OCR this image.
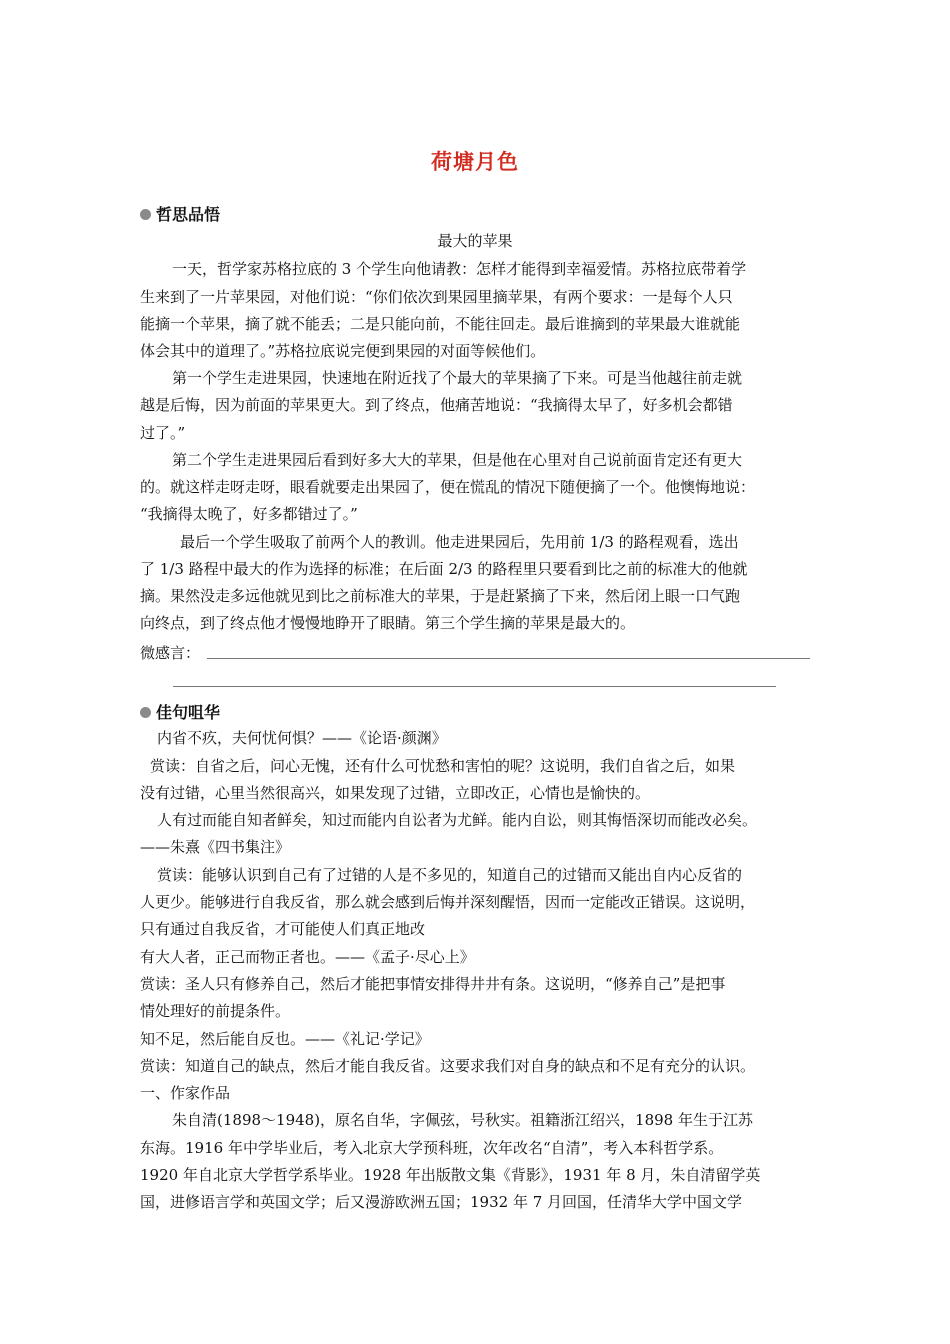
荷塘月色
哲思品悟
最大的苹果
一天，哲学家苏格拉底的 3 个学生向他请教：怎样才能得到幸福爱情。苏格拉底带着学
生来到了一片苹果园，对他们说：“你们依次到果园里摘苹果，有两个要求：一是每个人只
能摘一个苹果，摘了就不能丢；二是只能向前，不能往回走。最后谁摘到的苹果最大谁就能
体会其中的道理了。”苏格拉底说完便到果园的对面等候他们。
第一个学生走进果园，快速地在附近找了个最大的苹果摘了下来。可是当他越往前走就
越是后悔，因为前面的苹果更大。到了终点，他痛苦地说：“我摘得太早了，好多机会都错
过了。”
第二个学生走进果园后看到好多大大的苹果，但是他在心里对自己说前面肯定还有更大
的。就这样走呀走呀，眼看就要走出果园了，便在慌乱的情况下随便摘了一个。他懊悔地说：
“我摘得太晚了，好多都错过了。”
最后一个学生吸取了前两个人的教训。他走进果园后，先用前 1/3 的路程观看，选出
了 1/3 路程中最大的作为选择的标准；在后面 2/3 的路程里只要看到比之前的标准大的他就
摘。果然没走多远他就见到比之前标准大的苹果，于是赶紧摘了下来，然后闭上眼一口气跑
向终点，到了终点他才慢慢地睁开了眼睛。第三个学生摘的苹果是最大的。
微感言：
佳句咀华
内省不疚，夫何忧何惧？——《论语·颜渊》
赏读：自省之后，问心无愧，还有什么可忧愁和害怕的呢？这说明，我们自省之后，如果
没有过错，心里当然很高兴，如果发现了过错，立即改正，心情也是愉快的。
人有过而能自知者鲜矣，知过而能内自讼者为尤鲜。能内自讼，则其悔悟深切而能改必矣。
——朱熹《四书集注》
赏读：能够认识到自己有了过错的人是不多见的，知道自己的过错而又能出自内心反省的
人更少。能够进行自我反省，那么就会感到后悔并深刻醒悟，因而一定能改正错误。这说明，
只有通过自我反省，才可能使人们真正地改
有大人者，正己而物正者也。——《孟子·尽心上》
赏读：圣人只有修养自己，然后才能把事情安排得井井有条。这说明，“修养自己”是把事
情处理好的前提条件。
知不足，然后能自反也。——《礼记·学记》
赏读：知道自己的缺点，然后才能自我反省。这要求我们对自身的缺点和不足有充分的认识。
一、作家作品
朱自清(1898～1948)，原名自华，字佩弦，号秋实。祖籍浙江绍兴，1898 年生于江苏
东海。1916 年中学毕业后，考入北京大学预科班，次年改名“自清”，考入本科哲学系。
1920 年自北京大学哲学系毕业。1928 年出版散文集《背影》，1931 年 8 月，朱自清留学英
国，进修语言学和英国文学；后又漫游欧洲五国；1932 年 7 月回国，任清华大学中国文学
